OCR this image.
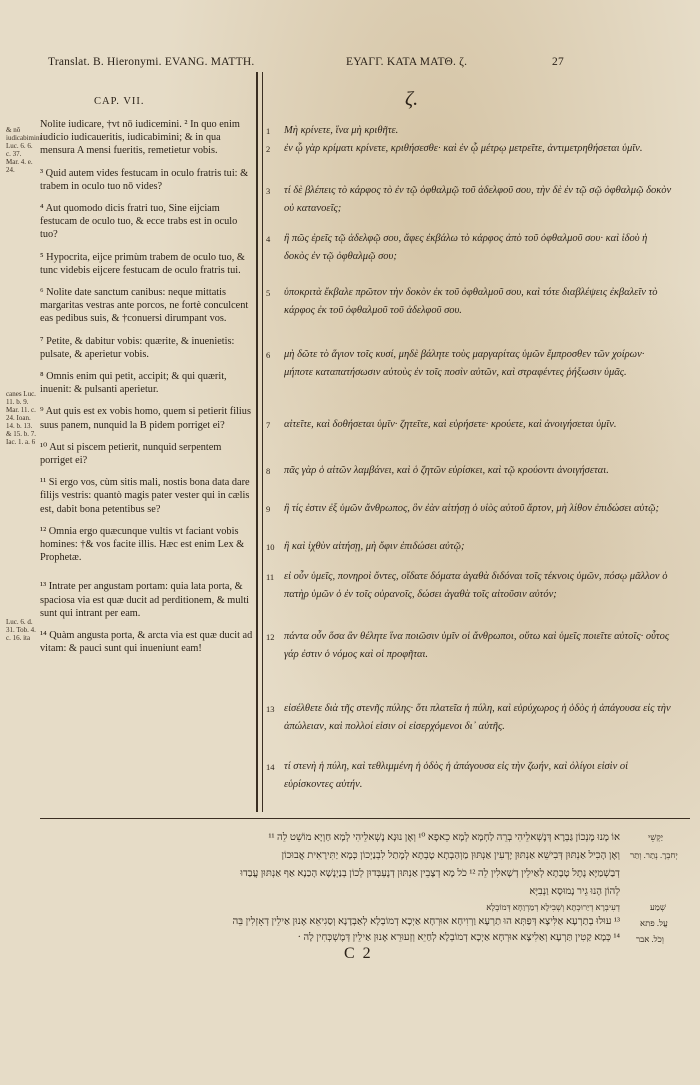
Translat. B. Hieronymi. EVANG. MATTH.	ΕΥΑΓΓ. ΚΑΤΑ ΜΑΤΘ. ζ.	27
CAP. VII.	ζ.
& nō iudicabimini Luc. 6. 6. c. 37. Mar. 4. e. 24.
canes Luc. 11. b. 9. Mar. 11. c. 24. Ioan. 14. b. 13. & 15. b. 7. Iac. 1. a. 6
Luc. 6. d. 31. Tob. 4. c. 16. ita

Nolite iudicare, †vt nō iudicemini. ² In quo enim iudicio iudicaueritis, iudicabimini; & in qua mensura A mensi fueritis, remetietur vobis.

³ Quid autem vides festucam in oculo fratris tui: & trabem in oculo tuo nō vides?

⁴ Aut quomodo dicis fratri tuo, Sine eijciam festucam de oculo tuo, & ecce trabs est in oculo tuo?

⁵ Hypocrita, eijce primùm trabem de oculo tuo, & tunc videbis eijcere festucam de oculo fratris tui.

⁶ Nolite date sanctum canibus: neque mittatis margaritas vestras ante porcos, ne fortè conculcent eas pedibus suis, & †conuersi dirumpant vos.

⁷ Petite, & dabitur vobis: quærite, & inuenietis: pulsate, & aperietur vobis.

⁸ Omnis enim qui petit, accipit; & qui quærit, inuenit: & pulsanti aperietur.

⁹ Aut quis est ex vobis homo, quem si petierit filius suus panem, nunquid la B pidem porriget ei?

¹⁰ Aut si piscem petierit, nunquid serpentem porriget ei?

¹¹ Si ergo vos, cùm sitis mali, nostis bona data dare filijs vestris: quantò magis pater vester qui in cælis est, dabit bona petentibus se?

¹² Omnia ergo quæcunque vultis vt faciant vobis homines: †& vos facite illis. Hæc est enim Lex & Prophetæ.

¹³ Intrate per angustam portam: quia lata porta, & spaciosa via est quæ ducit ad perditionem, & multi sunt qui intrant per eam.

¹⁴ Quàm angusta porta, & arcta via est quæ ducit ad vitam: & pauci sunt qui inueniunt eam!

1 Μὴ κρίνετε, ἵνα μὴ κριθῆτε.
2 ἐν ᾧ γὰρ κρίματι κρίνετε, κριθήσεσθε· καὶ ἐν ᾧ μέτρῳ μετρεῖτε, ἀντιμετρηθήσεται ὑμῖν.
3 τί δὲ βλέπεις τὸ κάρφος τὸ ἐν τῷ ὀφθαλμῷ τοῦ ἀδελφοῦ σου, τὴν δὲ ἐν τῷ σῷ ὀφθαλμῷ δοκὸν οὐ κατανοεῖς;
4 ἢ πῶς ἐρεῖς τῷ ἀδελφῷ σου, ἄφες ἐκβάλω τὸ κάρφος ἀπὸ τοῦ ὀφθαλμοῦ σου· καὶ ἰδοὺ ἡ δοκὸς ἐν τῷ ὀφθαλμῷ σου;
5 ὑποκριτὰ ἔκβαλε πρῶτον τὴν δοκὸν ἐκ τοῦ ὀφθαλμοῦ σου, καὶ τότε διαβλέψεις ἐκβαλεῖν τὸ κάρφος ἐκ τοῦ ὀφθαλμοῦ τοῦ ἀδελφοῦ σου.
6 μὴ δῶτε τὸ ἅγιον τοῖς κυσί, μηδὲ βάλητε τοὺς μαργαρίτας ὑμῶν ἔμπροσθεν τῶν χοίρων· μήποτε καταπατήσωσιν αὐτοὺς ἐν τοῖς ποσὶν αὐτῶν, καὶ στραφέντες ῥήξωσιν ὑμᾶς.
7 αἰτεῖτε, καὶ δοθήσεται ὑμῖν· ζητεῖτε, καὶ εὑρήσετε· κρούετε, καὶ ἀνοιγήσεται ὑμῖν.
8 πᾶς γὰρ ὁ αἰτῶν λαμβάνει, καὶ ὁ ζητῶν εὑρίσκει, καὶ τῷ κρούοντι ἀνοιγήσεται.
9 ἢ τίς ἐστιν ἐξ ὑμῶν ἄνθρωπος, ὃν ἐὰν αἰτήσῃ ὁ υἱὸς αὐτοῦ ἄρτον, μὴ λίθον ἐπιδώσει αὐτῷ;
10 ἢ καὶ ἰχθὺν αἰτήσῃ, μὴ ὄφιν ἐπιδώσει αὐτῷ;
11 εἰ οὖν ὑμεῖς, πονηροὶ ὄντες, οἴδατε δόματα ἀγαθὰ διδόναι τοῖς τέκνοις ὑμῶν, πόσῳ μᾶλλον ὁ πατὴρ ὑμῶν ὁ ἐν τοῖς οὐρανοῖς, δώσει ἀγαθὰ τοῖς αἰτοῦσιν αὐτόν;
12 πάντα οὖν ὅσα ἂν θέλητε ἵνα ποιῶσιν ὑμῖν οἱ ἄνθρωποι, οὕτω καὶ ὑμεῖς ποιεῖτε αὐτοῖς· οὗτος γάρ ἐστιν ὁ νόμος καὶ οἱ προφῆται.
13 εἰσέλθετε διὰ τῆς στενῆς πύλης· ὅτι πλατεῖα ἡ πύλη, καὶ εὐρύχωρος ἡ ὁδὸς ἡ ἀπάγουσα εἰς τὴν ἀπώλειαν, καὶ πολλοί εἰσιν οἱ εἰσερχόμενοι δι᾽ αὐτῆς.
14 τί στενὴ ἡ πύλη, καὶ τεθλιμμένη ἡ ὁδὸς ἡ ἀπάγουσα εἰς τὴν ζωήν, καὶ ὀλίγοι εἰσὶν οἱ εὑρίσκοντες αὐτήν.
יַקְשֵׁי
יְחבְרָ. נְתַר. וְתַר
אוֹ מָנוּ מֶנְכוֹן גַּבְרָא דְּנֶשְׁאלֵיהִי בְרֵה לַחְמָא לְמָא כֵאפָא ¹⁰ וְאֶן נוּנָא נֶשְׁאלֵיהִי לְמָא חַוְיָא מוֹשֵׁט לֵה ¹¹
וְאֶן הָכִיל אַנְתּוּן דְּבִישֵׁא אַנְתּוּן יָדְעִין אַנְתּוּן מַוְהַבְתָא טָבְתָא לְמֶתַל לִבְנַיְכוֹן כְּמָא יַתִּירָאִית אֲבוּכוֹן
דְבַשְׁמַיָּא נֶתֶל טָבָתָא לְאַילֵין דְשָׁאלִין לֵה ¹² כֹל מָא דְצָבֵין אַנְתּוּן דְנֶעְבְּדוּן לְכוֹן בְנַיְנָשָׁא הָכַנָא אַף אַנְתּוּן עֲבַדוּ
לְהוֹן הָנוּ גֵיר נָמוּסָא וַנְבִיָּא
דְעִיבְרָא דְיַרוּכְתָא וְשְׁבִילָא דְמַרְוַחָא דְּמוֹבְלָא
¹³ עוּלוּ בְתַרְעָא אַלִּיצָא דְּפַתְּא הוּ תַרְעָא וַרְוִיחָא אוּרְחָא אַיְכָא דְמוֹבְלָא לְאַבְדָנָא וְסַגִיאֵא אֶנוּן אַילֵין דְאָזְלִין בֵּה
¹⁴ כְּמָא קַטִין תַּרְעָא וְאַלִיצָא אוּרְחָא אַיְכָא דְמוֹבְלָא לְחַיֵא וְזְעוּרֵא אֶנוּן אַילֵין דְּמֶשְׁכְּחִין לָה ·
שְׁמַע
עֲל. פתא
וְכֹל. אבר
C 2
